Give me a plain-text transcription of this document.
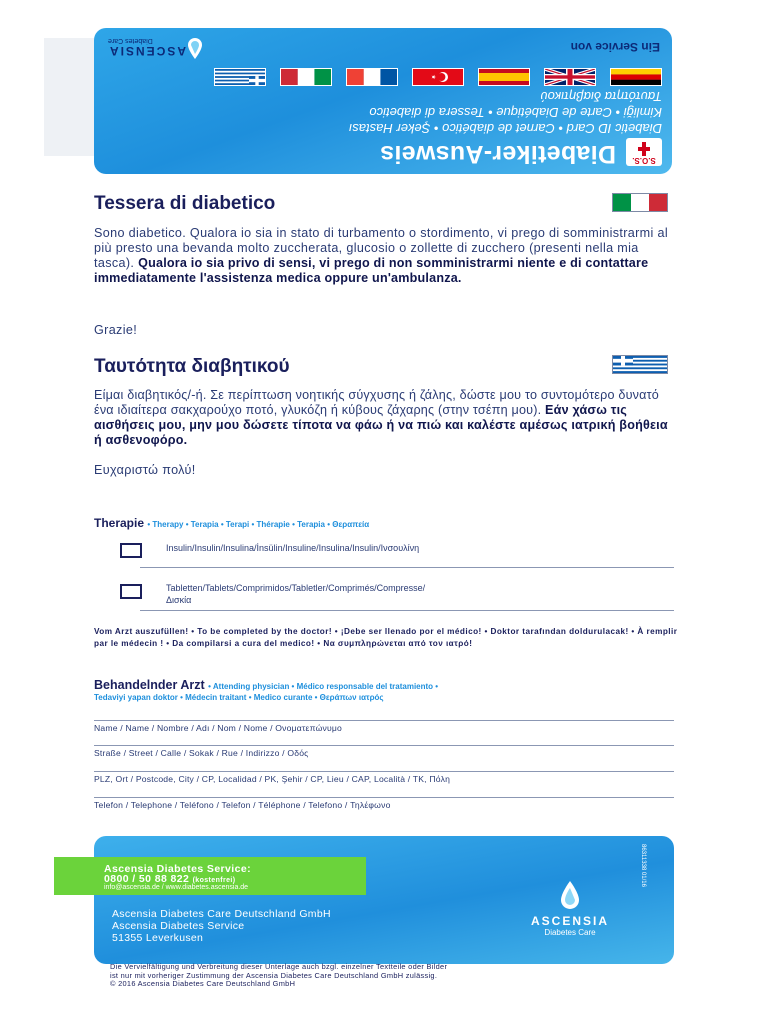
S.O.S.
Diabetiker-Ausweis
Diabetic ID Card • Carnet de diabético • Şeker Hastası
Kimliği • Carte de Diabétique • Tessera di diabetico
Ταυτότητα διαβητικού
Ein Service von
ASCENSIA
Diabetes Care
Tessera di diabetico
Sono diabetico. Qualora io sia in stato di turbamento o stordimento, vi prego di somministrarmi al più presto una bevanda molto zuccherata, glucosio o zollette di zucchero (presenti nella mia tasca). Qualora io sia privo di sensi, vi prego di non somministrarmi niente e di contattare immediatamente l'assistenza medica oppure un'ambulanza.
Grazie!
Ταυτότητα διαβητικού
Είμαι διαβητικός/-ή. Σε περίπτωση νοητικής σύγχυσης ή ζάλης, δώστε μου το συντομότερο δυνατό ένα ιδιαίτερα σακχαρούχο ποτό, γλυκόζη ή κύβους ζάχαρης (στην τσέπη μου). Εάν χάσω τις αισθήσεις μου, μην μου δώσετε τίποτα να φάω ή να πιώ και καλέστε αμέσως ιατρική βοήθεια ή ασθενοφόρο.
Ευχαριστώ πολύ!
Therapie • Therapy • Terapia • Terapi • Thérapie • Terapia • Θεραπεία
Insulin/Insulin/Insulina/İnsülin/Insuline/Insulina/Insulin/Ινσουλίνη
Tabletten/Tablets/Comprimidos/Tabletler/Comprimés/Compresse/
Δισκία
Vom Arzt auszufüllen! • To be completed by the doctor! • ¡Debe ser llenado por el médico! • Doktor tarafından doldurulacak! • À remplir par le médecin ! • Da compilarsi a cura del medico! • Να συμπληρώνεται από τον ιατρό!
Behandelnder Arzt • Attending physician • Médico responsable del tratamiento •
Tedaviyi yapan doktor • Médecin traitant • Medico curante • Θεράπων ιατρός
Name / Name / Nombre / Adı / Nom / Nome / Ονοματεπώνυμο
Straße / Street / Calle / Sokak / Rue / Indirizzo / Οδός
PLZ, Ort / Postcode, City / CP, Localidad / PK, Şehir / CP, Lieu / CAP, Località / TK, Πόλη
Telefon / Telephone / Teléfono / Telefon / Téléphone / Telefono / Τηλέφωνο
Ascensia Diabetes Service:
0800 / 50 88 822 (kostenfrei)
info@ascensia.de / www.diabetes.ascensia.de
Ascensia Diabetes Care Deutschland GmbH
Ascensia Diabetes Service
51355 Leverkusen
ASCENSIA
Diabetes Care
86311338 01/16
Die Vervielfältigung und Verbreitung dieser Unterlage auch bzgl. einzelner Textteile oder Bilder
ist nur mit vorheriger Zustimmung der Ascensia Diabetes Care Deutschland GmbH zulässig.
© 2016 Ascensia Diabetes Care Deutschland GmbH
